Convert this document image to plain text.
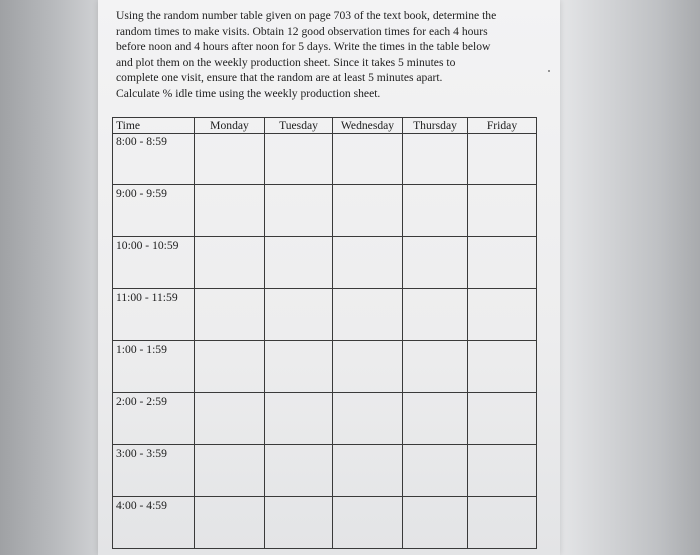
Using the random number table given on page 703 of the text book, determine the
random times to make visits. Obtain 12 good observation times for each 4 hours
before noon and 4 hours after noon for 5 days. Write the times in the table below
and plot them on the weekly production sheet. Since it takes 5 minutes to
complete one visit, ensure that the random are at least 5 minutes apart.
Calculate % idle time using the weekly production sheet.

Time	Monday	Tuesday	Wednesday	Thursday	Friday
8:00 - 8:59					
9:00 - 9:59					
10:00 - 10:59					
11:00 - 11:59					
1:00 - 1:59					
2:00 - 2:59					
3:00 - 3:59					
4:00 - 4:59					
